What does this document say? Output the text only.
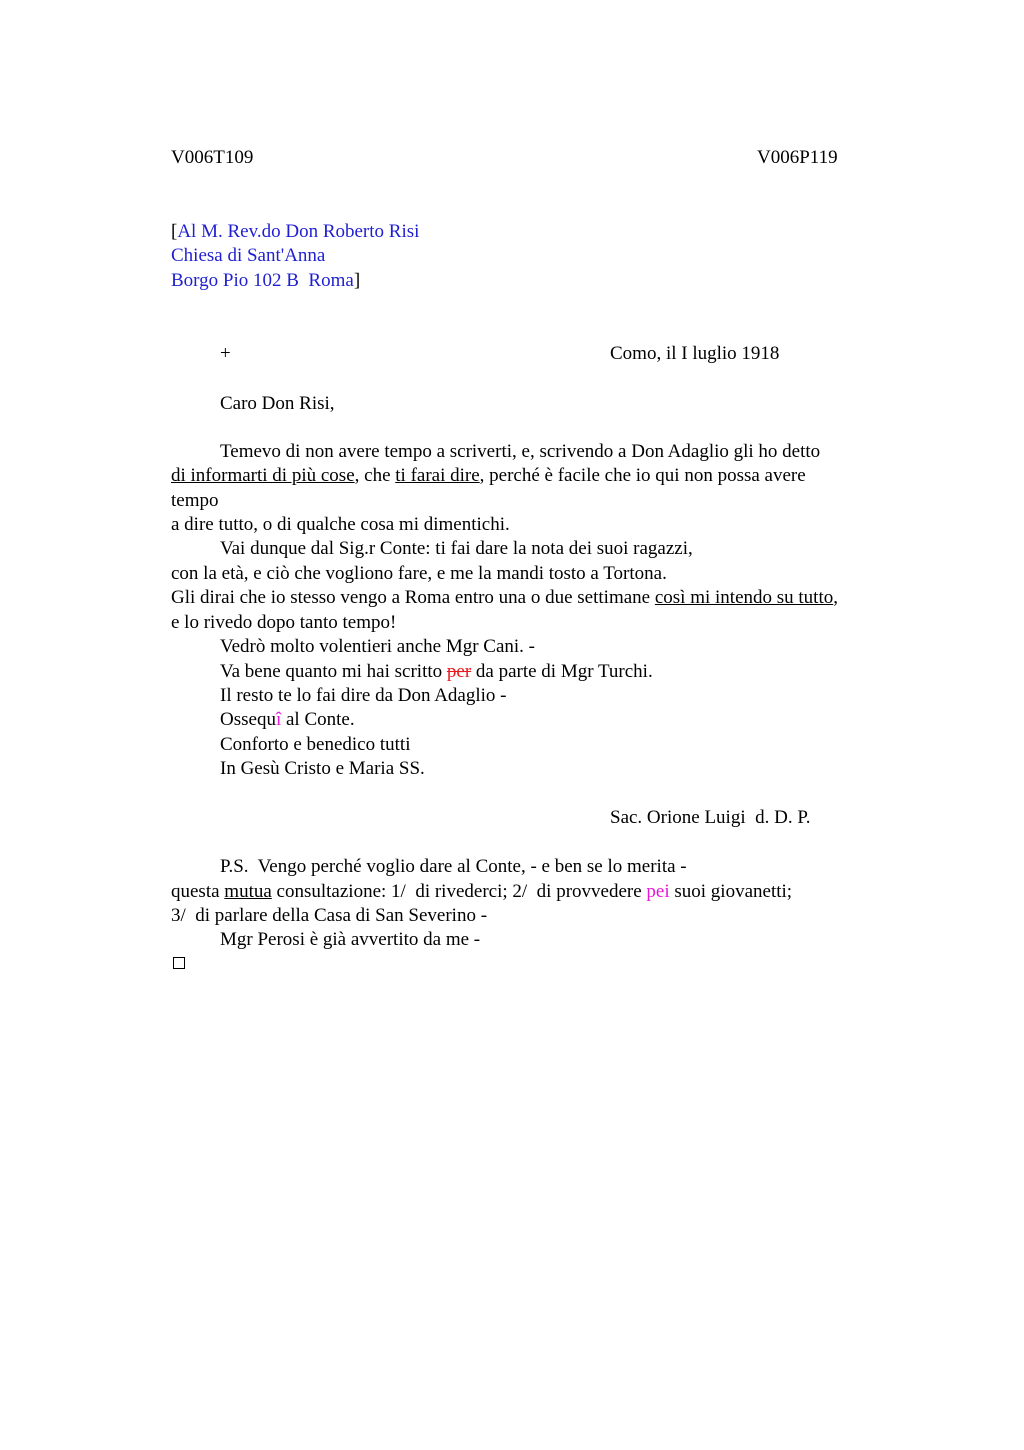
V006T109	V006P119
[Al M. Rev.do Don Roberto Risi
Chiesa di Sant'Anna
Borgo Pio 102 B  Roma]
+	Como, il I luglio 1918
Caro Don Risi,
Temevo di non avere tempo a scriverti, e, scrivendo a Don Adaglio gli ho detto
di informarti di più cose, che ti farai dire, perché è facile che io qui non possa avere
tempo
a dire tutto, o di qualche cosa mi dimentichi.
Vai dunque dal Sig.r Conte: ti fai dare la nota dei suoi ragazzi,
con la età, e ciò che vogliono fare, e me la mandi tosto a Tortona.
Gli dirai che io stesso vengo a Roma entro una o due settimane così mi intendo su tutto,
e lo rivedo dopo tanto tempo!
Vedrò molto volentieri anche Mgr Cani. -
Va bene quanto mi hai scritto per da parte di Mgr Turchi.
Il resto te lo fai dire da Don Adaglio -
Ossequî al Conte.
Conforto e benedico tutti
In Gesù Cristo e Maria SS.
Sac. Orione Luigi  d. D. P.
P.S.  Vengo perché voglio dare al Conte, - e ben se lo merita -
questa mutua consultazione: 1/  di rivederci; 2/  di provvedere pei suoi giovanetti;
3/  di parlare della Casa di San Severino -
Mgr Perosi è già avvertito da me -
